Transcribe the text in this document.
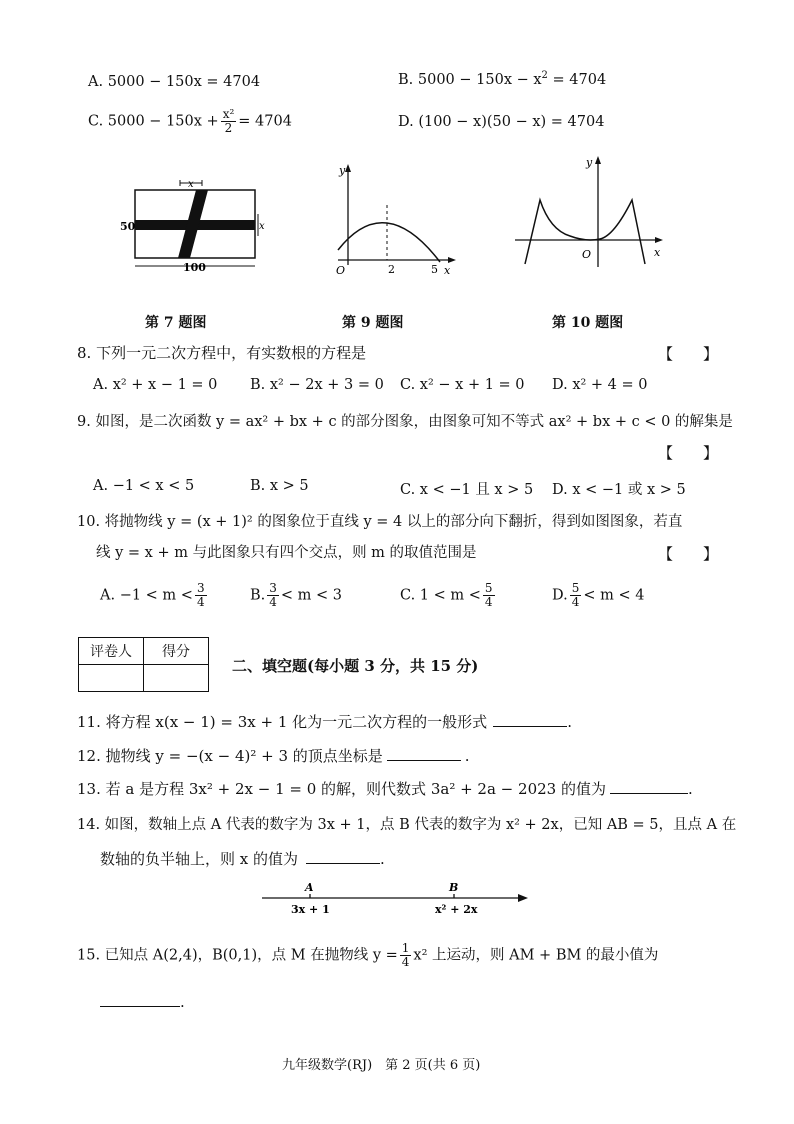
A. 5000 − 150x = 4704	B. $5000 - 150x - x^2 = 4704$
C. $5000 - 150x + \frac{\text{x²}}{2} = 4704$	D. (100 − x)(50 − x) = 4704
x
x
50
100
y
O	2	5 x
y
O	x
第 7 题图	第 9 题图	第 10 题图
8. 下列一元二次方程中，有实数根的方程是	【　　】
A. x² + x − 1 = 0 B. x² − 2x + 3 = 0 C. x² − x + 1 = 0 D. x² + 4 = 0
9. 如图，是二次函数 y = ax² + bx + c 的部分图象，由图象可知不等式 ax² + bx + c < 0 的解集是
【　　】
A. −1 < x < 5	B. x > 5	C. x < −1 且 x > 5 D. x < −1 或 x > 5
10. 将抛物线 y = (x + 1)² 的图象位于直线 y = 4 以上的部分向下翻折，得到如图图象，若直
线 y = x + m 与此图象只有四个交点，则 m 的取值范围是	【　　】
A. $-1 < m < \frac{3}{4}$	B. $\frac{3}{4} < m < 3$	C. $1 < m < \frac{5}{4}$	D. $\frac{5}{4} < m < 4$
评卷人	得分

二、填空题(每小题 3 分，共 15 分)
11. 将方程 x(x − 1) = 3x + 1 化为一元二次方程的一般形式	.
12. 抛物线 y = −(x − 4)² + 3 的顶点坐标是	.
13. 若 a 是方程 3x² + 2x − 1 = 0 的解，则代数式 3a² + 2a − 2023 的值为	.
14. 如图，数轴上点 A 代表的数字为 3x + 1，点 B 代表的数字为 x² + 2x，已知 AB = 5，且点 A 在
数轴的负半轴上，则 x 的值为	.
A	B
3x + 1	x² + 2x
15. 已知点 A(2,4)，B(0,1)，点 M 在抛物线 $y = \frac{1}{4} x^2$ 上运动，则 AM + BM 的最小值为
.
九年级数学(RJ)　第 2 页(共 6 页)
